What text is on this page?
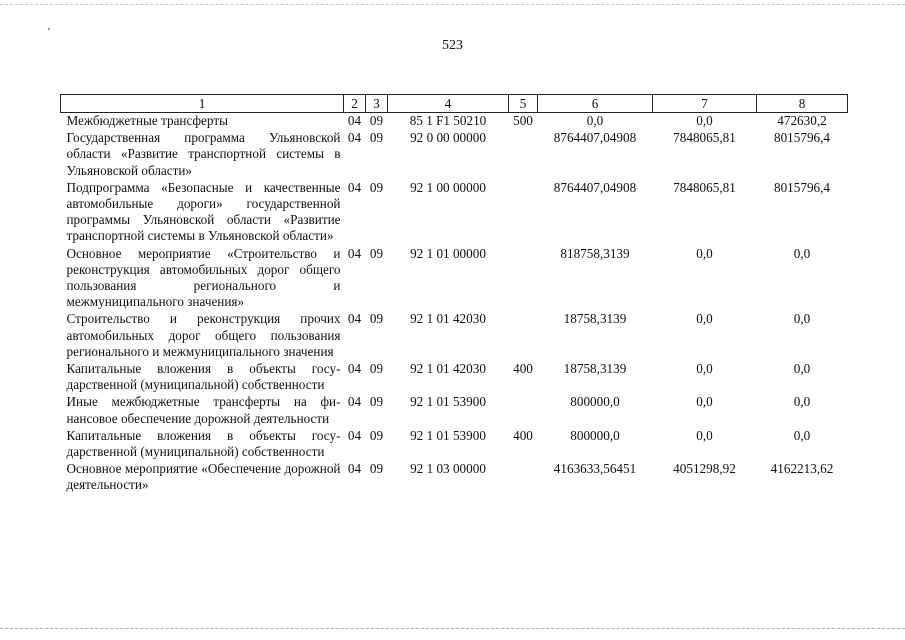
523
1	2	3	4	5	6	7	8
Межбюджетные трансферты	04	09	85 1 F1 50210	500	0,0	0,0	472630,2
Государственная программа Ульяновской области «Развитие транспортной системы в Ульяновской области»	04	09	92 0 00 00000		8764407,04908	7848065,81	8015796,4
Подпрограмма «Безопасные и качественные автомобильные дороги» государственной программы Ульяновской области «Развитие транспортной системы в Ульяновской области»	04	09	92 1 00 00000		8764407,04908	7848065,81	8015796,4
Основное мероприятие «Строительство и реконструкция автомобильных дорог общего пользования регионального и межмуниципального значения»	04	09	92 1 01 00000		818758,3139	0,0	0,0
Строительство и реконструкция прочих автомобильных дорог общего пользования регионального и межмуниципального значения	04	09	92 1 01 42030		18758,3139	0,0	0,0
Капитальные вложения в объекты государственной (муниципальной) собственности	04	09	92 1 01 42030	400	18758,3139	0,0	0,0
Иные межбюджетные трансферты на финансовое обеспечение дорожной деятельности	04	09	92 1 01 53900		800000,0	0,0	0,0
Капитальные вложения в объекты государственной (муниципальной) собственности	04	09	92 1 01 53900	400	800000,0	0,0	0,0
Основное мероприятие «Обеспечение дорожной деятельности»	04	09	92 1 03 00000		4163633,56451	4051298,92	4162213,62
